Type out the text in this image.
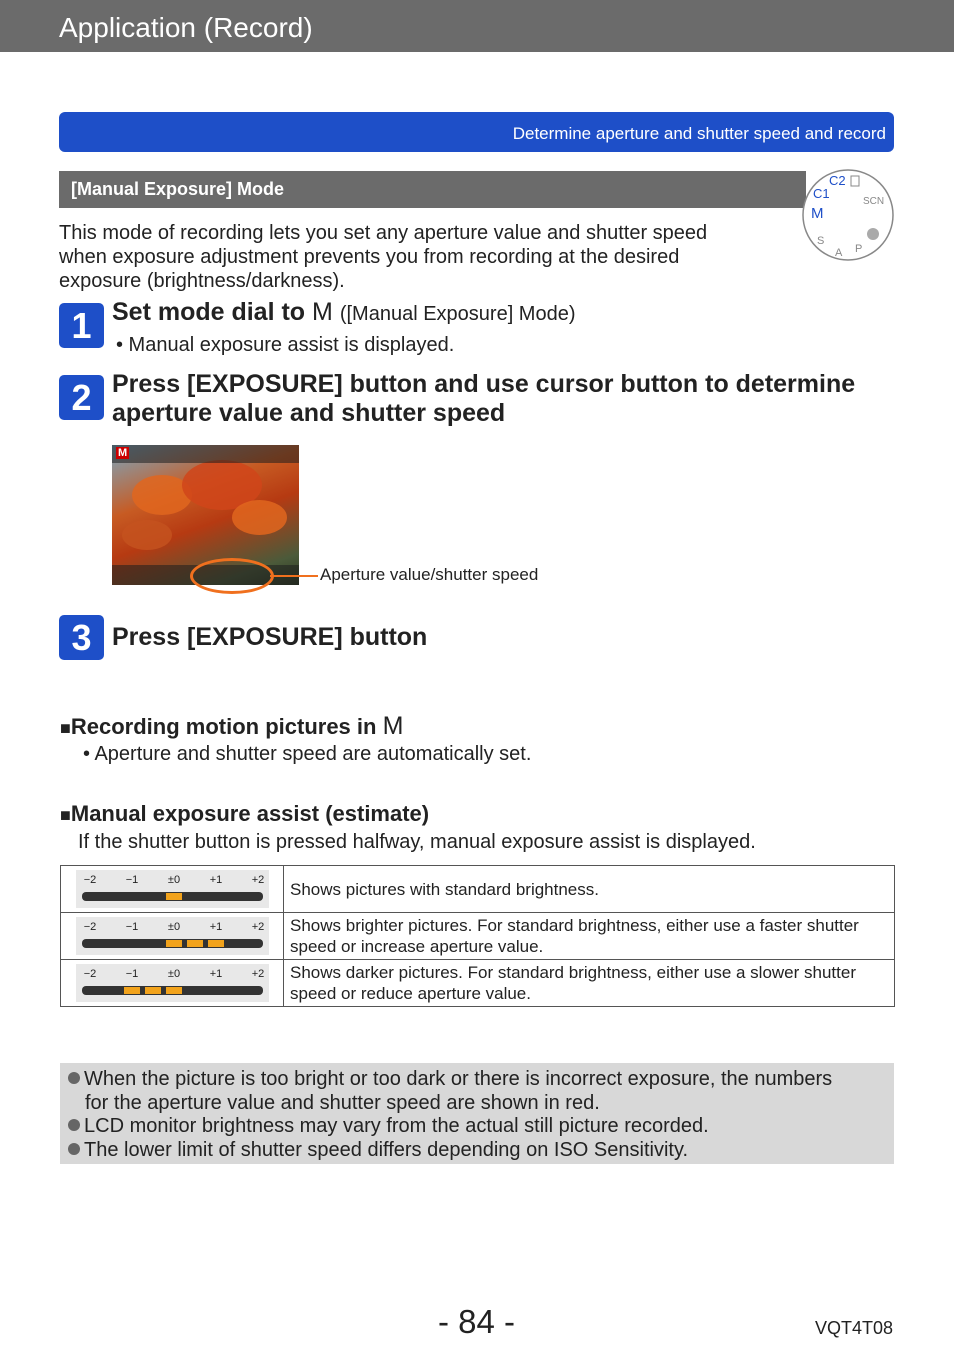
Application (Record)
Determine aperture and shutter speed and record
[Manual Exposure] Mode
M
C1
C2
SCN
P
A
S
This mode of recording lets you set any aperture value and shutter speed when exposure adjustment prevents you from recording at the desired exposure (brightness/darkness).
1 Set mode dial to M ([Manual Exposure] Mode)
• Manual exposure assist is displayed.
2 Press [EXPOSURE] button and use cursor button to determine
aperture value and shutter speed
M
Aperture value/shutter speed
3 Press [EXPOSURE] button
■Recording motion pictures in M
• Aperture and shutter speed are automatically set.
■Manual exposure assist (estimate)
If the shutter button is pressed halfway, manual exposure assist is displayed.
−2 −1 ±0 +1 +2	Shows pictures with standard brightness.

−2 −1 ±0 +1 +2	Shows brighter pictures. For standard brightness, either use a faster shutter speed or increase aperture value.

−2 −1 ±0 +1 +2	Shows darker pictures. For standard brightness, either use a slower shutter speed or reduce aperture value.
When the picture is too bright or too dark or there is incorrect exposure, the numbers
for the aperture value and shutter speed are shown in red.
LCD monitor brightness may vary from the actual still picture recorded.
The lower limit of shutter speed differs depending on ISO Sensitivity.
- 84 -	VQT4T08
